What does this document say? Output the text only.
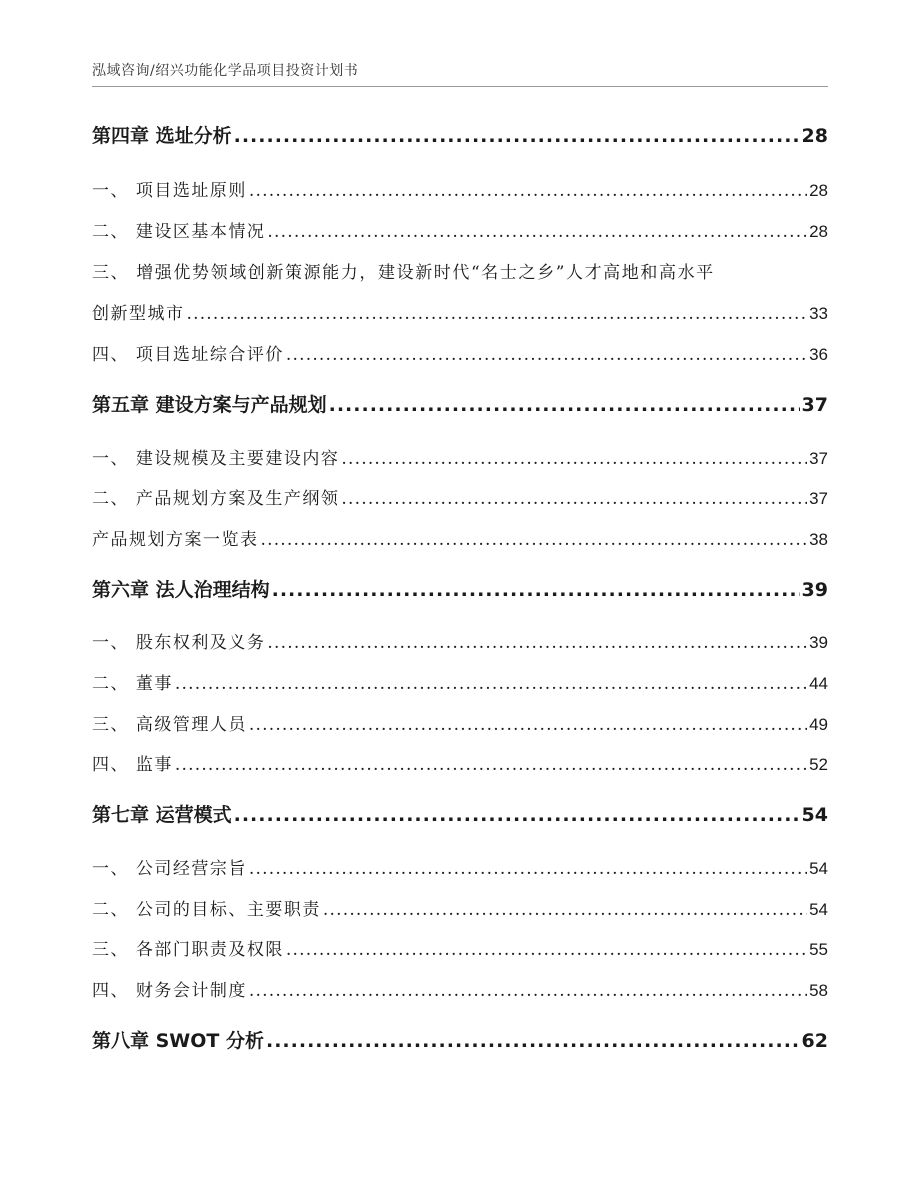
泓域咨询/绍兴功能化学品项目投资计划书
第四章 选址分析 .....	28
一、 项目选址原则 .....	28
二、 建设区基本情况 .....	28
三、 增强优势领域创新策源能力，建设新时代“名士之乡”人才高地和高水平
创新型城市 .....	33
四、 项目选址综合评价 .....	36
第五章 建设方案与产品规划 .....	37
一、 建设规模及主要建设内容 .....	37
二、 产品规划方案及生产纲领 .....	37
产品规划方案一览表 .....	38
第六章 法人治理结构 .....	39
一、 股东权利及义务 .....	39
二、 董事 .....	44
三、 高级管理人员 .....	49
四、 监事 .....	52
第七章 运营模式 .....	54
一、 公司经营宗旨 .....	54
二、 公司的目标、主要职责 .....	54
三、 各部门职责及权限 .....	55
四、 财务会计制度 .....	58
第八章 SWOT 分析 .....	62
